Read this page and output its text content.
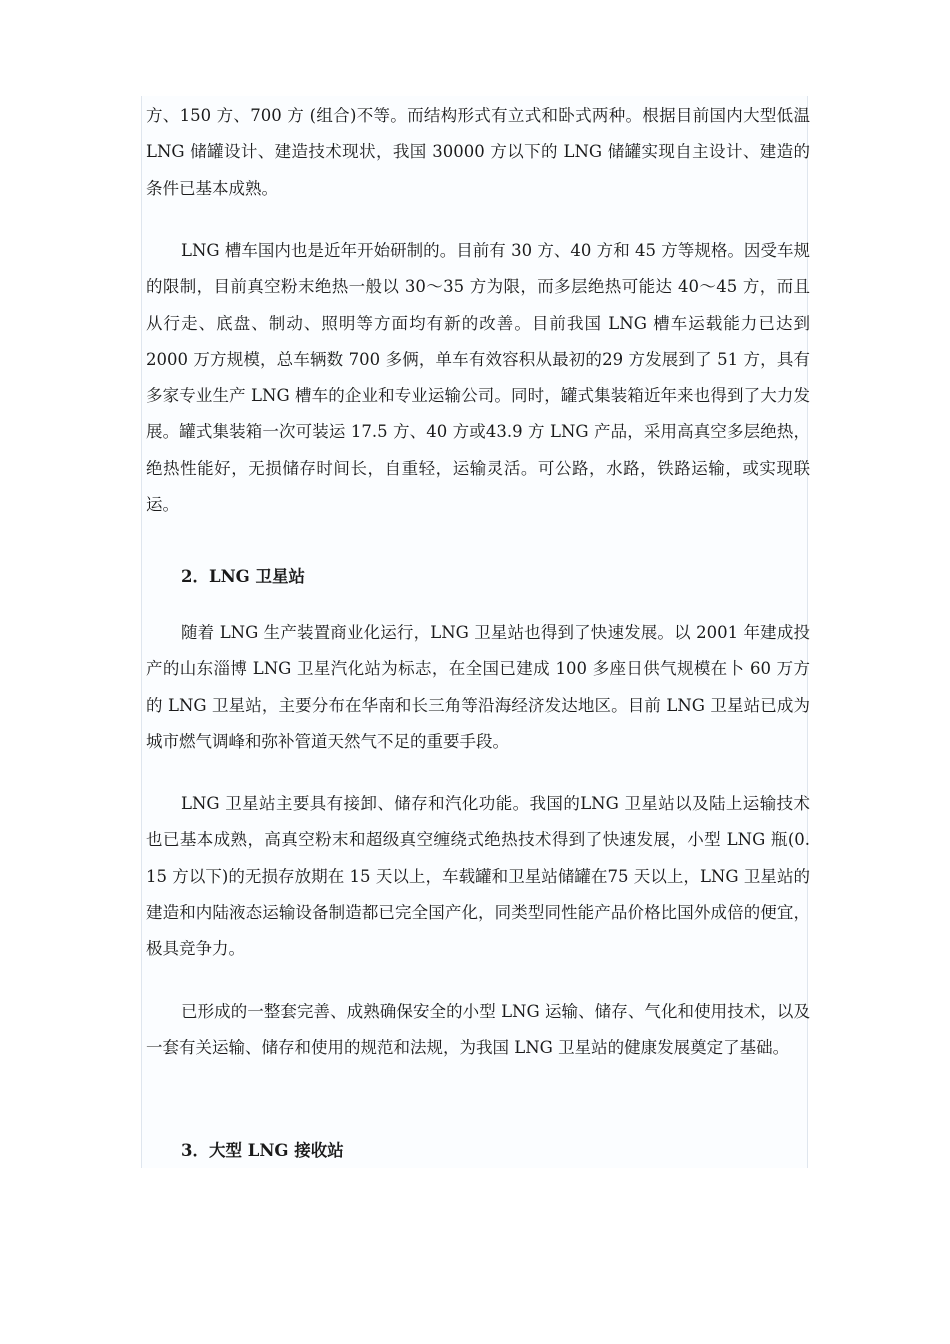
方、150 方、700 方 (组合)不等。而结构形式有立式和卧式两种。根据目前国内大型低温 LNG 储罐设计、建造技术现状，我国 30000 方以下的 LNG 储罐实现自主设计、建造的条件已基本成熟。

LNG 槽车国内也是近年开始研制的。目前有 30 方、40 方和 45 方等规格。因受车规的限制，目前真空粉末绝热一般以 30～35 方为限，而多层绝热可能达 40～45 方，而且从行走、底盘、制动、照明等方面均有新的改善。目前我国 LNG 槽车运载能力已达到 2000 万方规模，总车辆数 700 多俩，单车有效容积从最初的29 方发展到了 51 方，具有多家专业生产 LNG 槽车的企业和专业运输公司。同时，罐式集装箱近年来也得到了大力发展。罐式集装箱一次可装运 17.5 方、40 方或43.9 方 LNG 产品，采用高真空多层绝热，绝热性能好，无损储存时间长，自重轻，运输灵活。可公路，水路，铁路运输，或实现联运。

2．LNG 卫星站

随着 LNG 生产装置商业化运行，LNG 卫星站也得到了快速发展。以 2001 年建成投产的山东淄博 LNG 卫星汽化站为标志，在全国已建成 100 多座日供气规模在卜 60 万方的 LNG 卫星站，主要分布在华南和长三角等沿海经济发达地区。目前 LNG 卫星站已成为城市燃气调峰和弥补管道天然气不足的重要手段。

LNG 卫星站主要具有接卸、储存和汽化功能。我国的LNG 卫星站以及陆上运输技术也已基本成熟，高真空粉末和超级真空缠绕式绝热技术得到了快速发展，小型 LNG 瓶(0. 15 方以下)的无损存放期在 15 天以上，车载罐和卫星站储罐在75 天以上，LNG 卫星站的建造和内陆液态运输设备制造都已完全国产化，同类型同性能产品价格比国外成倍的便宜，极具竞争力。

已形成的一整套完善、成熟确保安全的小型 LNG 运输、储存、气化和使用技术，以及一套有关运输、储存和使用的规范和法规，为我国 LNG 卫星站的健康发展奠定了基础。

3．大型 LNG 接收站
